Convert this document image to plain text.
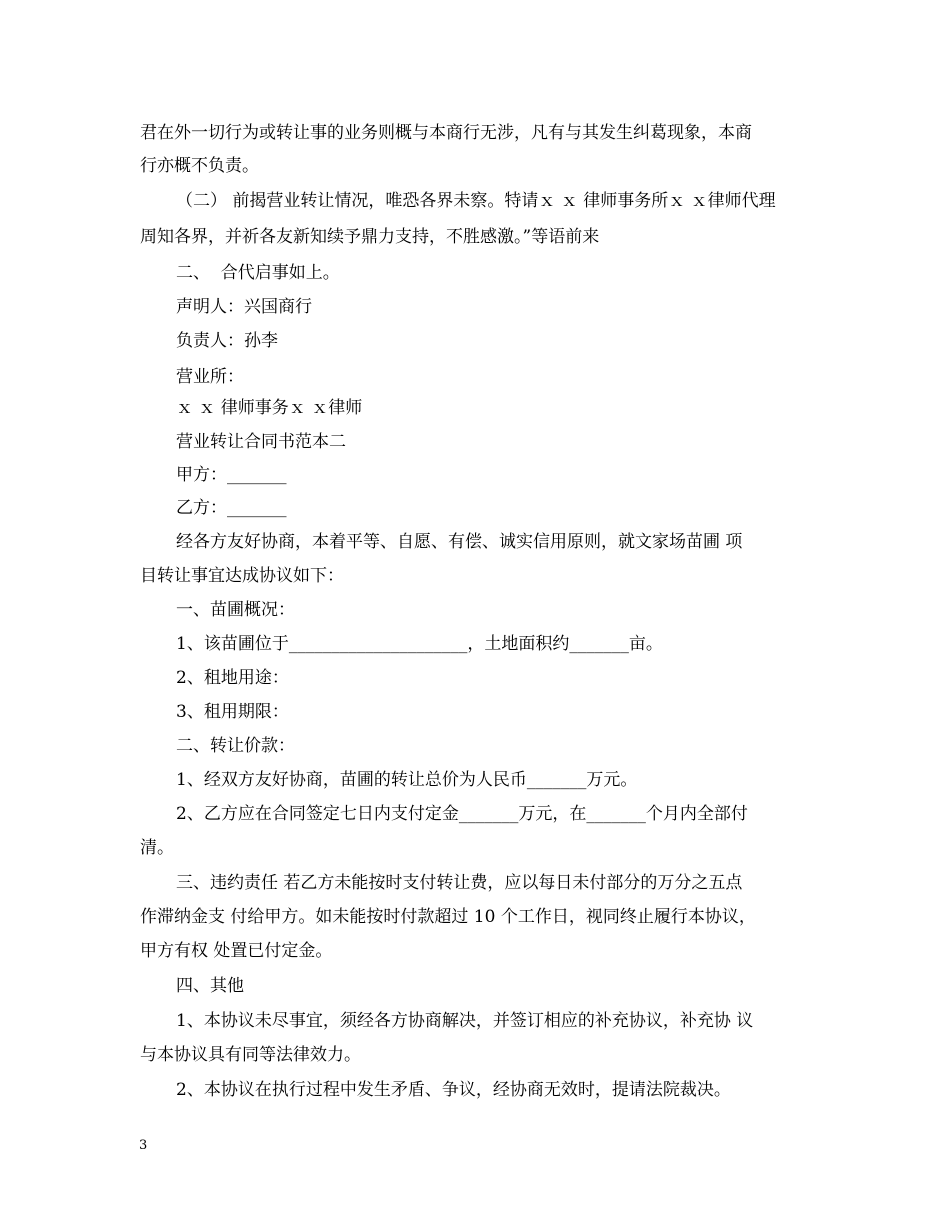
君在外一切行为或转让事的业务则概与本商行无涉，凡有与其发生纠葛现象，本商
行亦概不负责。
（二） 前揭营业转让情况，唯恐各界未察。特请ｘ ｘ 律师事务所ｘ ｘ律师代理
周知各界，并祈各友新知续予鼎力支持，不胜感激。”等语前来
二、  合代启事如上。
声明人：兴国商行
负责人：孙李
营业所：
ｘ ｘ 律师事务ｘ ｘ律师
营业转让合同书范本二
甲方：_______
乙方：_______
经各方友好协商，本着平等、自愿、有偿、诚实信用原则，就文家场苗圃 项
目转让事宜达成协议如下：
一、苗圃概况：
1、该苗圃位于_____________________，土地面积约_______亩。
2、租地用途：
3、租用期限：
二、转让价款：
1、经双方友好协商，苗圃的转让总价为人民币_______万元。
2、乙方应在合同签定七日内支付定金_______万元，在_______个月内全部付
清。
三、违约责任 若乙方未能按时支付转让费，应以每日未付部分的万分之五点
作滞纳金支 付给甲方。如未能按时付款超过 10 个工作日，视同终止履行本协议，
甲方有权 处置已付定金。
四、其他
1、本协议未尽事宜，须经各方协商解决，并签订相应的补充协议，补充协 议
与本协议具有同等法律效力。
2、本协议在执行过程中发生矛盾、争议，经协商无效时，提请法院裁决。
3
